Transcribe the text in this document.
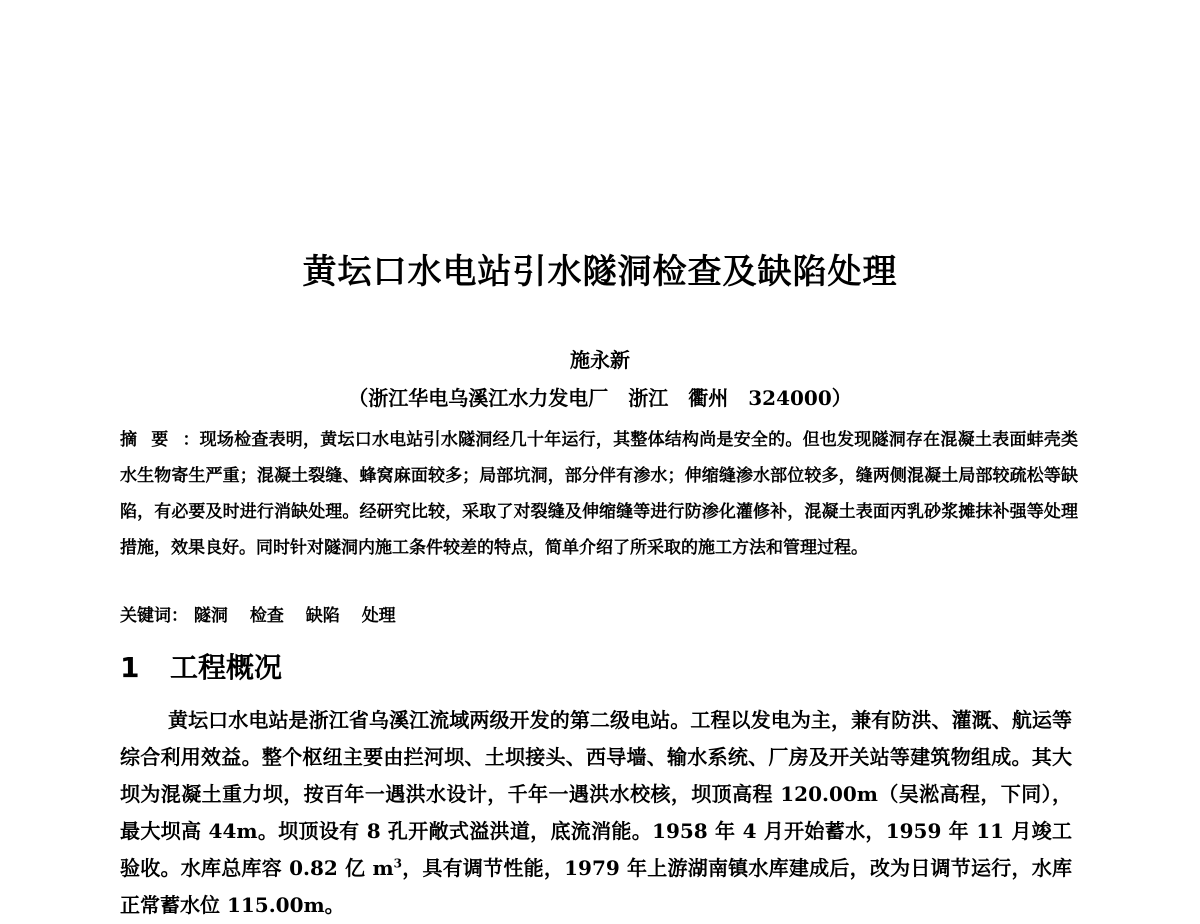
黄坛口水电站引水隧洞检查及缺陷处理
施永新
（浙江华电乌溪江水力发电厂　浙江　衢州　324000）
摘要：现场检查表明，黄坛口水电站引水隧洞经几十年运行，其整体结构尚是安全的。但也发现隧洞存在混凝土表面蚌壳类水生物寄生严重；混凝土裂缝、蜂窝麻面较多；局部坑洞，部分伴有渗水；伸缩缝渗水部位较多，缝两侧混凝土局部较疏松等缺陷，有必要及时进行消缺处理。经研究比较，采取了对裂缝及伸缩缝等进行防渗化灌修补，混凝土表面丙乳砂浆摊抹补强等处理措施，效果良好。同时针对隧洞内施工条件较差的特点，简单介绍了所采取的施工方法和管理过程。
关键词： 隧洞 检查 缺陷 处理
1 工程概况
黄坛口水电站是浙江省乌溪江流域两级开发的第二级电站。工程以发电为主，兼有防洪、灌溉、航运等综合利用效益。整个枢纽主要由拦河坝、土坝接头、西导墙、输水系统、厂房及开关站等建筑物组成。其大坝为混凝土重力坝，按百年一遇洪水设计，千年一遇洪水校核，坝顶高程 120.00m（吴淞高程，下同），最大坝高 44m。坝顶设有 8 孔开敞式溢洪道，底流消能。1958 年 4 月开始蓄水，1959 年 11 月竣工验收。水库总库容 0.82 亿 $m^3$，具有调节性能，1979 年上游湖南镇水库建成后，改为日调节运行，水库正常蓄水位 115.00m。
